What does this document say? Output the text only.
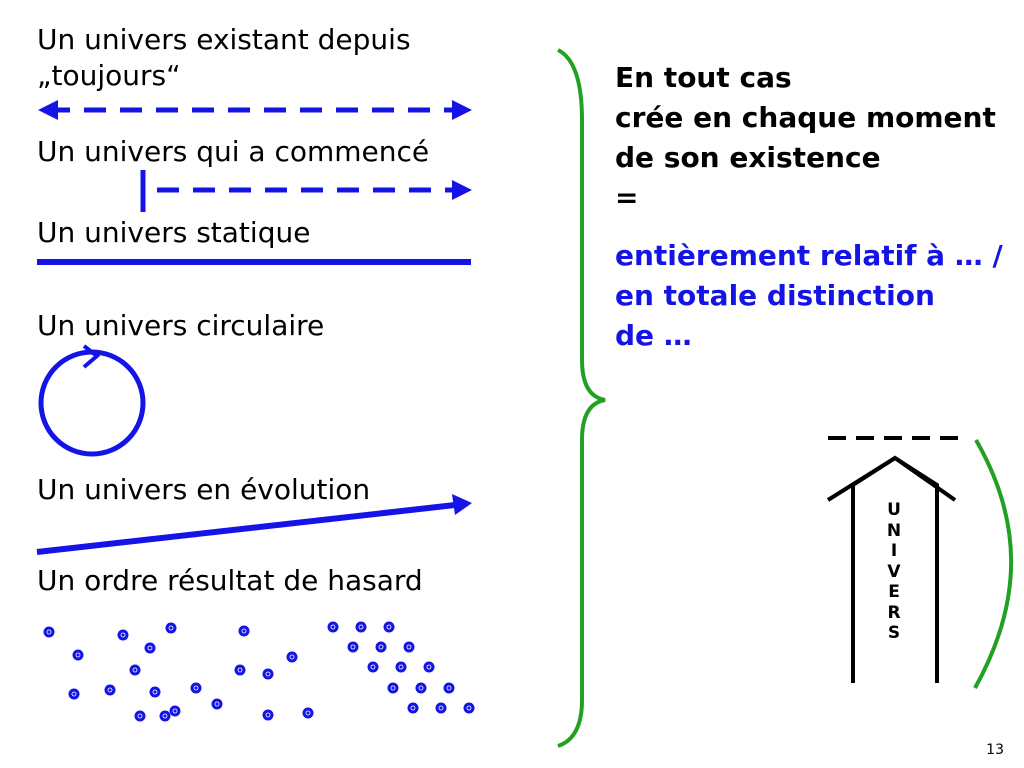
Un univers existant depuis
„toujours“
Un univers qui a commencé
Un univers statique
Un univers circulaire
Un univers en évolution
Un ordre résultat de hasard
En tout cas
crée en chaque moment
de son existence
=
entièrement relatif à … /
en totale distinction
de …
U
N
I
V
E
R
S
13
